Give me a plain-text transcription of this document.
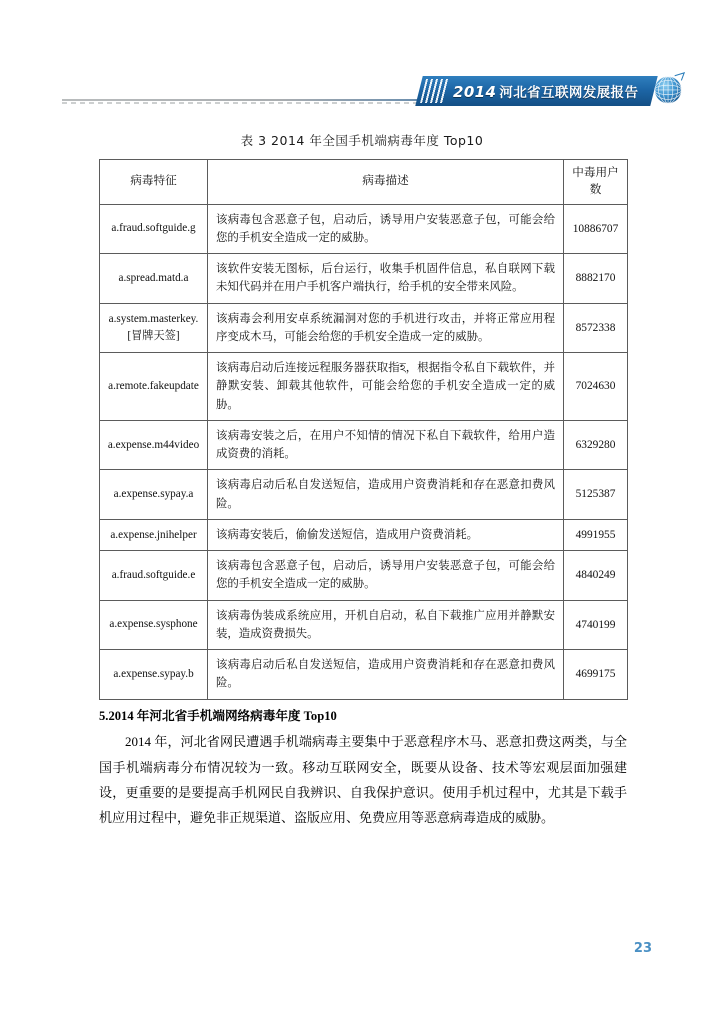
2014 河北省互联网发展报告
表 3 2014 年全国手机端病毒年度 Top10
病毒特征	病毒描述	中毒用户数
a.fraud.softguide.g	该病毒包含恶意子包，启动后，诱导用户安装恶意子包，可能会给您的手机安全造成一定的威胁。	10886707
a.spread.matd.a	该软件安装无图标，后台运行，收集手机固件信息，私自联网下载未知代码并在用户手机客户端执行，给手机的安全带来风险。	8882170
a.system.masterkey.[冒牌天签]	该病毒会利用安卓系统漏洞对您的手机进行攻击，并将正常应用程序变成木马，可能会给您的手机安全造成一定的威胁。	8572338
a.remote.fakeupdate	该病毒启动后连接远程服务器获取指হ，根据指令私自下载软件，并静默安装、卸载其他软件，可能会给您的手机安全造成一定的威胁。	7024630
a.expense.m44video	该病毒安装之后，在用户不知情的情况下私自下载软件，给用户造成资费的消耗。	6329280
a.expense.sypay.a	该病毒启动后私自发送短信，造成用户资费消耗和存在恶意扣费风险。	5125387
a.expense.jnihelper	该病毒安装后，偷偷发送短信，造成用户资费消耗。	4991955
a.fraud.softguide.e	该病毒包含恶意子包，启动后，诱导用户安装恶意子包，可能会给您的手机安全造成一定的威胁。	4840249
a.expense.sysphone	该病毒伪装成系统应用，开机自启动，私自下载推广应用并静默安装，造成资费损失。	4740199
a.expense.sypay.b	该病毒启动后私自发送短信，造成用户资费消耗和存在恶意扣费风险。	4699175
5.2014 年河北省手机端网络病毒年度 Top10

2014 年，河北省网民遭遇手机端病毒主要集中于恶意程序木马、恶意扣费这两类，与全国手机端病毒分布情况较为一致。移动互联网安全，既要从设备、技术等宏观层面加强建设，更重要的是要提高手机网民自我辨识、自我保护意识。使用手机过程中，尤其是下载手机应用过程中，避免非正规渠道、盗版应用、免费应用等恶意病毒造成的威胁。

23
